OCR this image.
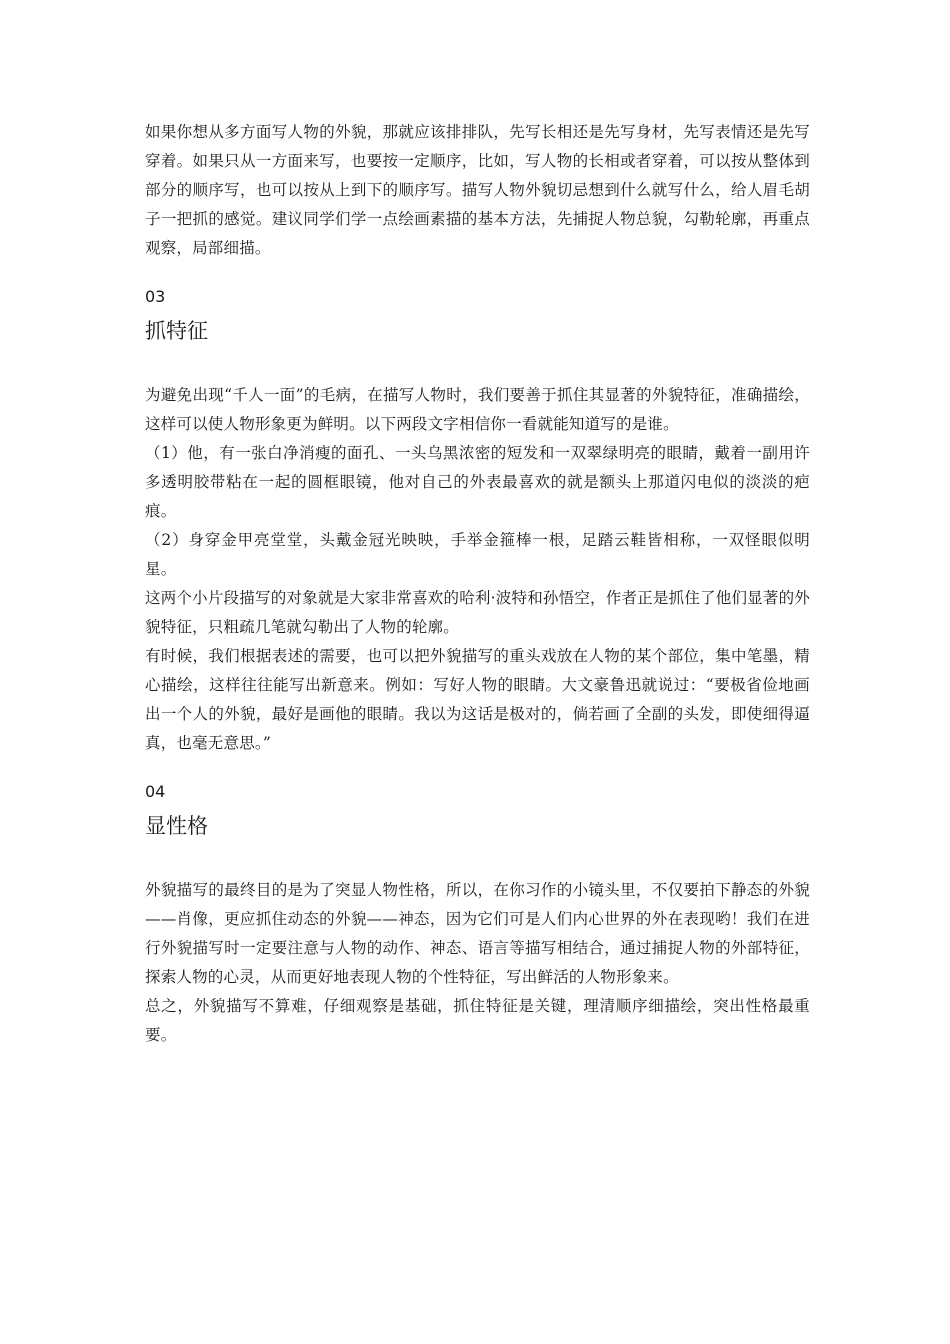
如果你想从多方面写人物的外貌，那就应该排排队，先写长相还是先写身材，先写表情还是先写穿着。如果只从一方面来写，也要按一定顺序，比如，写人物的长相或者穿着，可以按从整体到部分的顺序写，也可以按从上到下的顺序写。描写人物外貌切忌想到什么就写什么，给人眉毛胡子一把抓的感觉。建议同学们学一点绘画素描的基本方法，先捕捉人物总貌，勾勒轮廓，再重点观察，局部细描。

03
抓特征

为避免出现“千人一面”的毛病，在描写人物时，我们要善于抓住其显著的外貌特征，准确描绘，这样可以使人物形象更为鲜明。以下两段文字相信你一看就能知道写的是谁。

（1）他，有一张白净消瘦的面孔、一头乌黑浓密的短发和一双翠绿明亮的眼睛，戴着一副用许多透明胶带粘在一起的圆框眼镜，他对自己的外表最喜欢的就是额头上那道闪电似的淡淡的疤痕。

（2）身穿金甲亮堂堂，头戴金冠光映映，手举金箍棒一根，足踏云鞋皆相称，一双怪眼似明星。

这两个小片段描写的对象就是大家非常喜欢的哈利·波特和孙悟空，作者正是抓住了他们显著的外貌特征，只粗疏几笔就勾勒出了人物的轮廓。

有时候，我们根据表述的需要，也可以把外貌描写的重头戏放在人物的某个部位，集中笔墨，精心描绘，这样往往能写出新意来。例如：写好人物的眼睛。大文豪鲁迅就说过：“要极省俭地画出一个人的外貌，最好是画他的眼睛。我以为这话是极对的，倘若画了全副的头发，即使细得逼真，也毫无意思。”

04
显性格

外貌描写的最终目的是为了突显人物性格，所以，在你习作的小镜头里，不仅要拍下静态的外貌——肖像，更应抓住动态的外貌——神态，因为它们可是人们内心世界的外在表现哟！我们在进行外貌描写时一定要注意与人物的动作、神态、语言等描写相结合，通过捕捉人物的外部特征，探索人物的心灵，从而更好地表现人物的个性特征，写出鲜活的人物形象来。

总之，外貌描写不算难，仔细观察是基础，抓住特征是关键，理清顺序细描绘，突出性格最重要。
